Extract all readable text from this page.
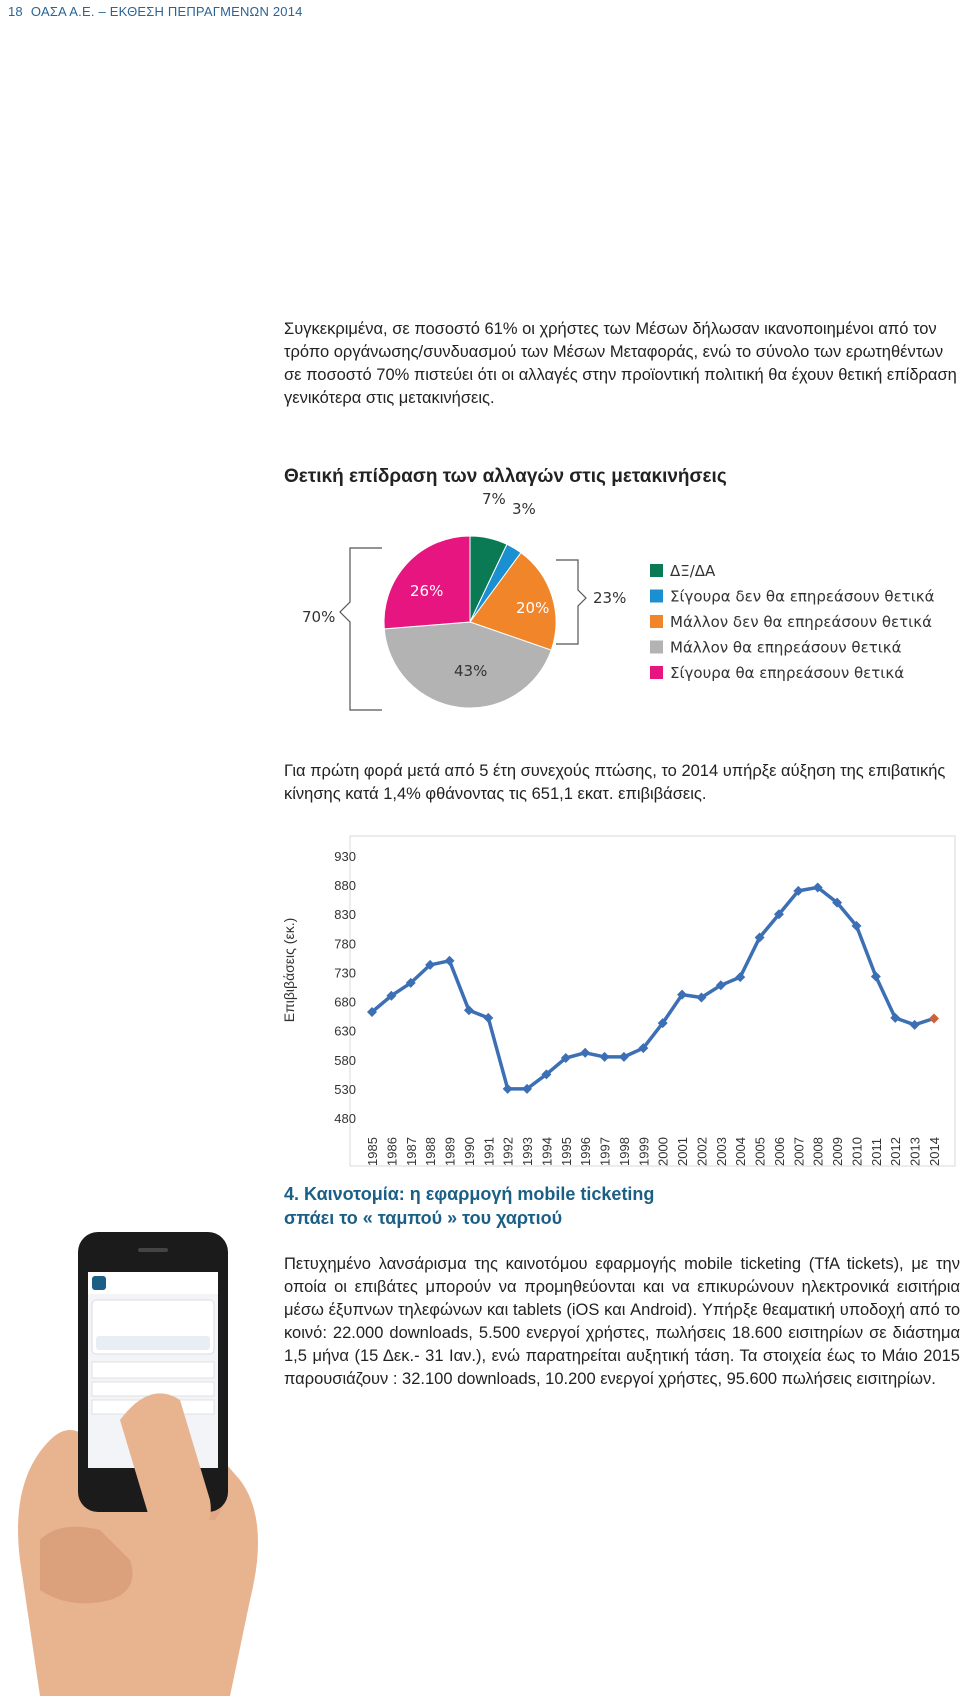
18 ΟΑΣΑ Α.Ε. – ΕΚΘΕΣΗ ΠΕΠΡΑΓΜΕΝΩΝ 2014
Συγκεκριμένα, σε ποσοστό 61% οι χρήστες των Μέσων δήλωσαν ικανοποιημένοι από τον τρόπο οργάνωσης/συνδυασμού των Μέσων Μεταφοράς, ενώ το σύνολο των ερωτηθέντων σε ποσοστό 70% πιστεύει ότι οι αλλαγές στην προϊοντική πολιτική θα έχουν θετική επίδραση γενικότερα στις μετακινήσεις.
Θετική επίδραση των αλλαγών στις μετακινήσεις
Για πρώτη φορά μετά από 5 έτη συνεχούς πτώσης, το 2014 υπήρξε αύξηση της επιβατικής κίνησης κατά 1,4% φθάνοντας τις 651,1 εκατ. επιβιβάσεις.
4. Καινοτομία: η εφαρμογή mobile ticketing
σπάει το « ταμπού » του χαρτιού
Πετυχημένο λανσάρισμα της καινοτόμου εφαρμογής mobile ticketing (TfA tickets), με την οποία οι επιβάτες μπορούν να προμηθεύονται και να επικυρώνουν ηλεκτρονικά εισιτήρια μέσω έξυπνων τηλεφώνων και tablets (iOS και Android). Υπήρξε θεαματική υποδοχή από το κοινό: 22.000 downloads, 5.500 ενεργοί χρήστες, πωλήσεις 18.600 εισιτηρίων σε διάστημα 1,5 μήνα (15 Δεκ.- 31 Ιαν.), ενώ παρατηρείται αυξητική τάση. Τα στοιχεία έως το Μάιο 2015 παρουσιάζουν : 32.100 downloads, 10.200 ενεργοί χρήστες, 95.600 πωλήσεις εισιτηρίων.
70%
23%
7%
3%
20%
43%
26%
ΔΞ/ΔΑ
Σίγουρα δεν θα επηρεάσουν θετικά
Μάλλον δεν θα επηρεάσουν θετικά
Μάλλον θα επηρεάσουν θετικά
Σίγουρα θα επηρεάσουν θετικά
Επιβιβάσεις (εκ.)
930
880
830
780
730
680
630
580
530
480
1985 1986 1987 1988 1989 1990 1991 1992 1993 1994 1995 1996 1997 1998 1999 2000 2001 2002 2003 2004 2005 2006 2007 2008 2009 2010 2011 2012 2013 2014
